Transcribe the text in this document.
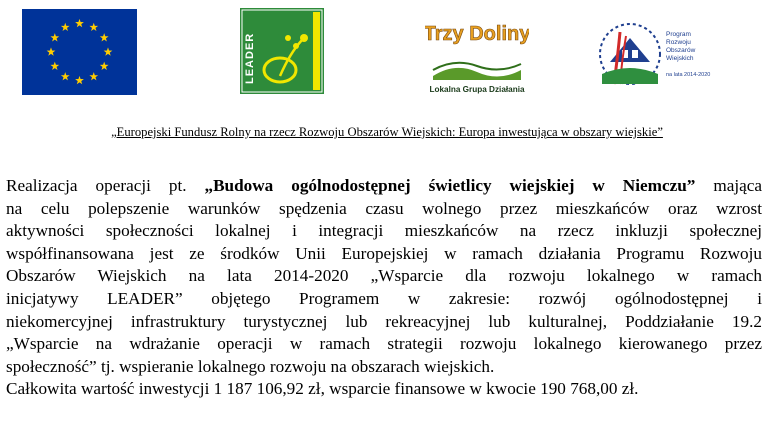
LEADER	Trzy Doliny
Lokalna Grupa Działania
Program
Rozwoju
Obszarów
Wiejskich
na lata 2014-2020
„Europejski Fundusz Rolny na rzecz Rozwoju Obszarów Wiejskich: Europa inwestująca w obszary wiejskie”
Realizacja operacji pt. „Budowa ogólnodostępnej świetlicy wiejskiej w Niemczu” mająca
na celu polepszenie warunków spędzenia czasu wolnego przez mieszkańców oraz wzrost
aktywności społeczności lokalnej i integracji mieszkańców na rzecz inkluzji społecznej
współfinansowana jest ze środków Unii Europejskiej w ramach działania Programu Rozwoju
Obszarów Wiejskich na lata 2014-2020 „Wsparcie dla rozwoju lokalnego w ramach
inicjatywy LEADER” objętego Programem w zakresie: rozwój ogólnodostępnej i
niekomercyjnej infrastruktury turystycznej lub rekreacyjnej lub kulturalnej, Poddziałanie 19.2
„Wsparcie na wdrażanie operacji w ramach strategii rozwoju lokalnego kierowanego przez
społeczność” tj. wspieranie lokalnego rozwoju na obszarach wiejskich.
Całkowita wartość inwestycji 1 187 106,92 zł, wsparcie finansowe w kwocie 190 768,00 zł.
